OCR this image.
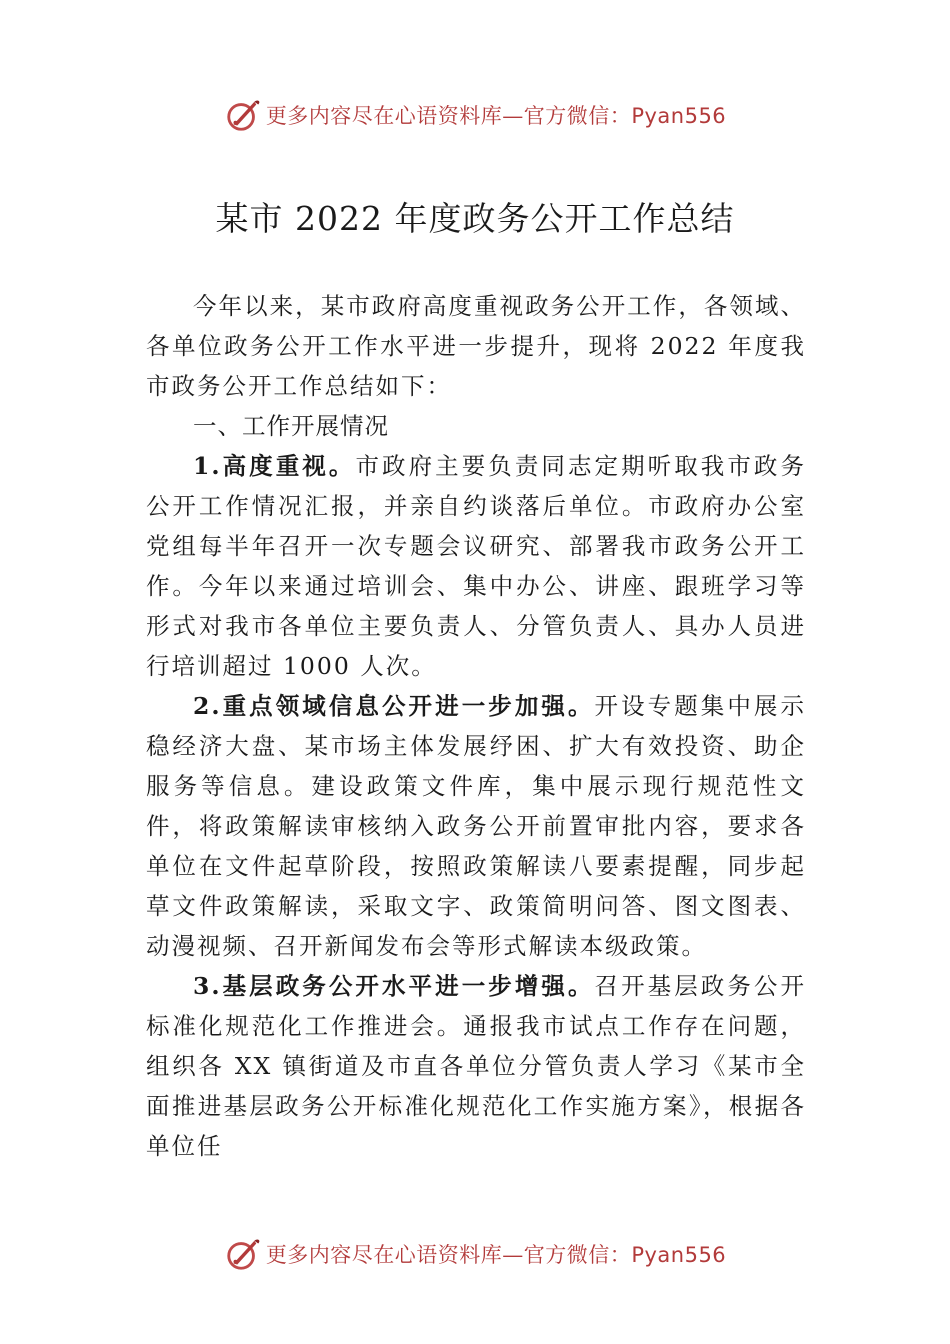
更多内容尽在心语资料库—官方微信：Pyan556
某市 2022 年度政务公开工作总结

今年以来，某市政府高度重视政务公开工作，各领域、各单位政务公开工作水平进一步提升，现将 2022 年度我市政务公开工作总结如下：

一、工作开展情况

1.高度重视。市政府主要负责同志定期听取我市政务公开工作情况汇报，并亲自约谈落后单位。市政府办公室党组每半年召开一次专题会议研究、部署我市政务公开工作。今年以来通过培训会、集中办公、讲座、跟班学习等形式对我市各单位主要负责人、分管负责人、具办人员进行培训超过 1000 人次。

2.重点领域信息公开进一步加强。开设专题集中展示稳经济大盘、某市场主体发展纾困、扩大有效投资、助企服务等信息。建设政策文件库，集中展示现行规范性文件，将政策解读审核纳入政务公开前置审批内容，要求各单位在文件起草阶段，按照政策解读八要素提醒，同步起草文件政策解读，采取文字、政策简明问答、图文图表、动漫视频、召开新闻发布会等形式解读本级政策。

3.基层政务公开水平进一步增强。召开基层政务公开标准化规范化工作推进会。通报我市试点工作存在问题，组织各 XX 镇街道及市直各单位分管负责人学习《某市全面推进基层政务公开标准化规范化工作实施方案》，根据各单位任

更多内容尽在心语资料库—官方微信：Pyan556
